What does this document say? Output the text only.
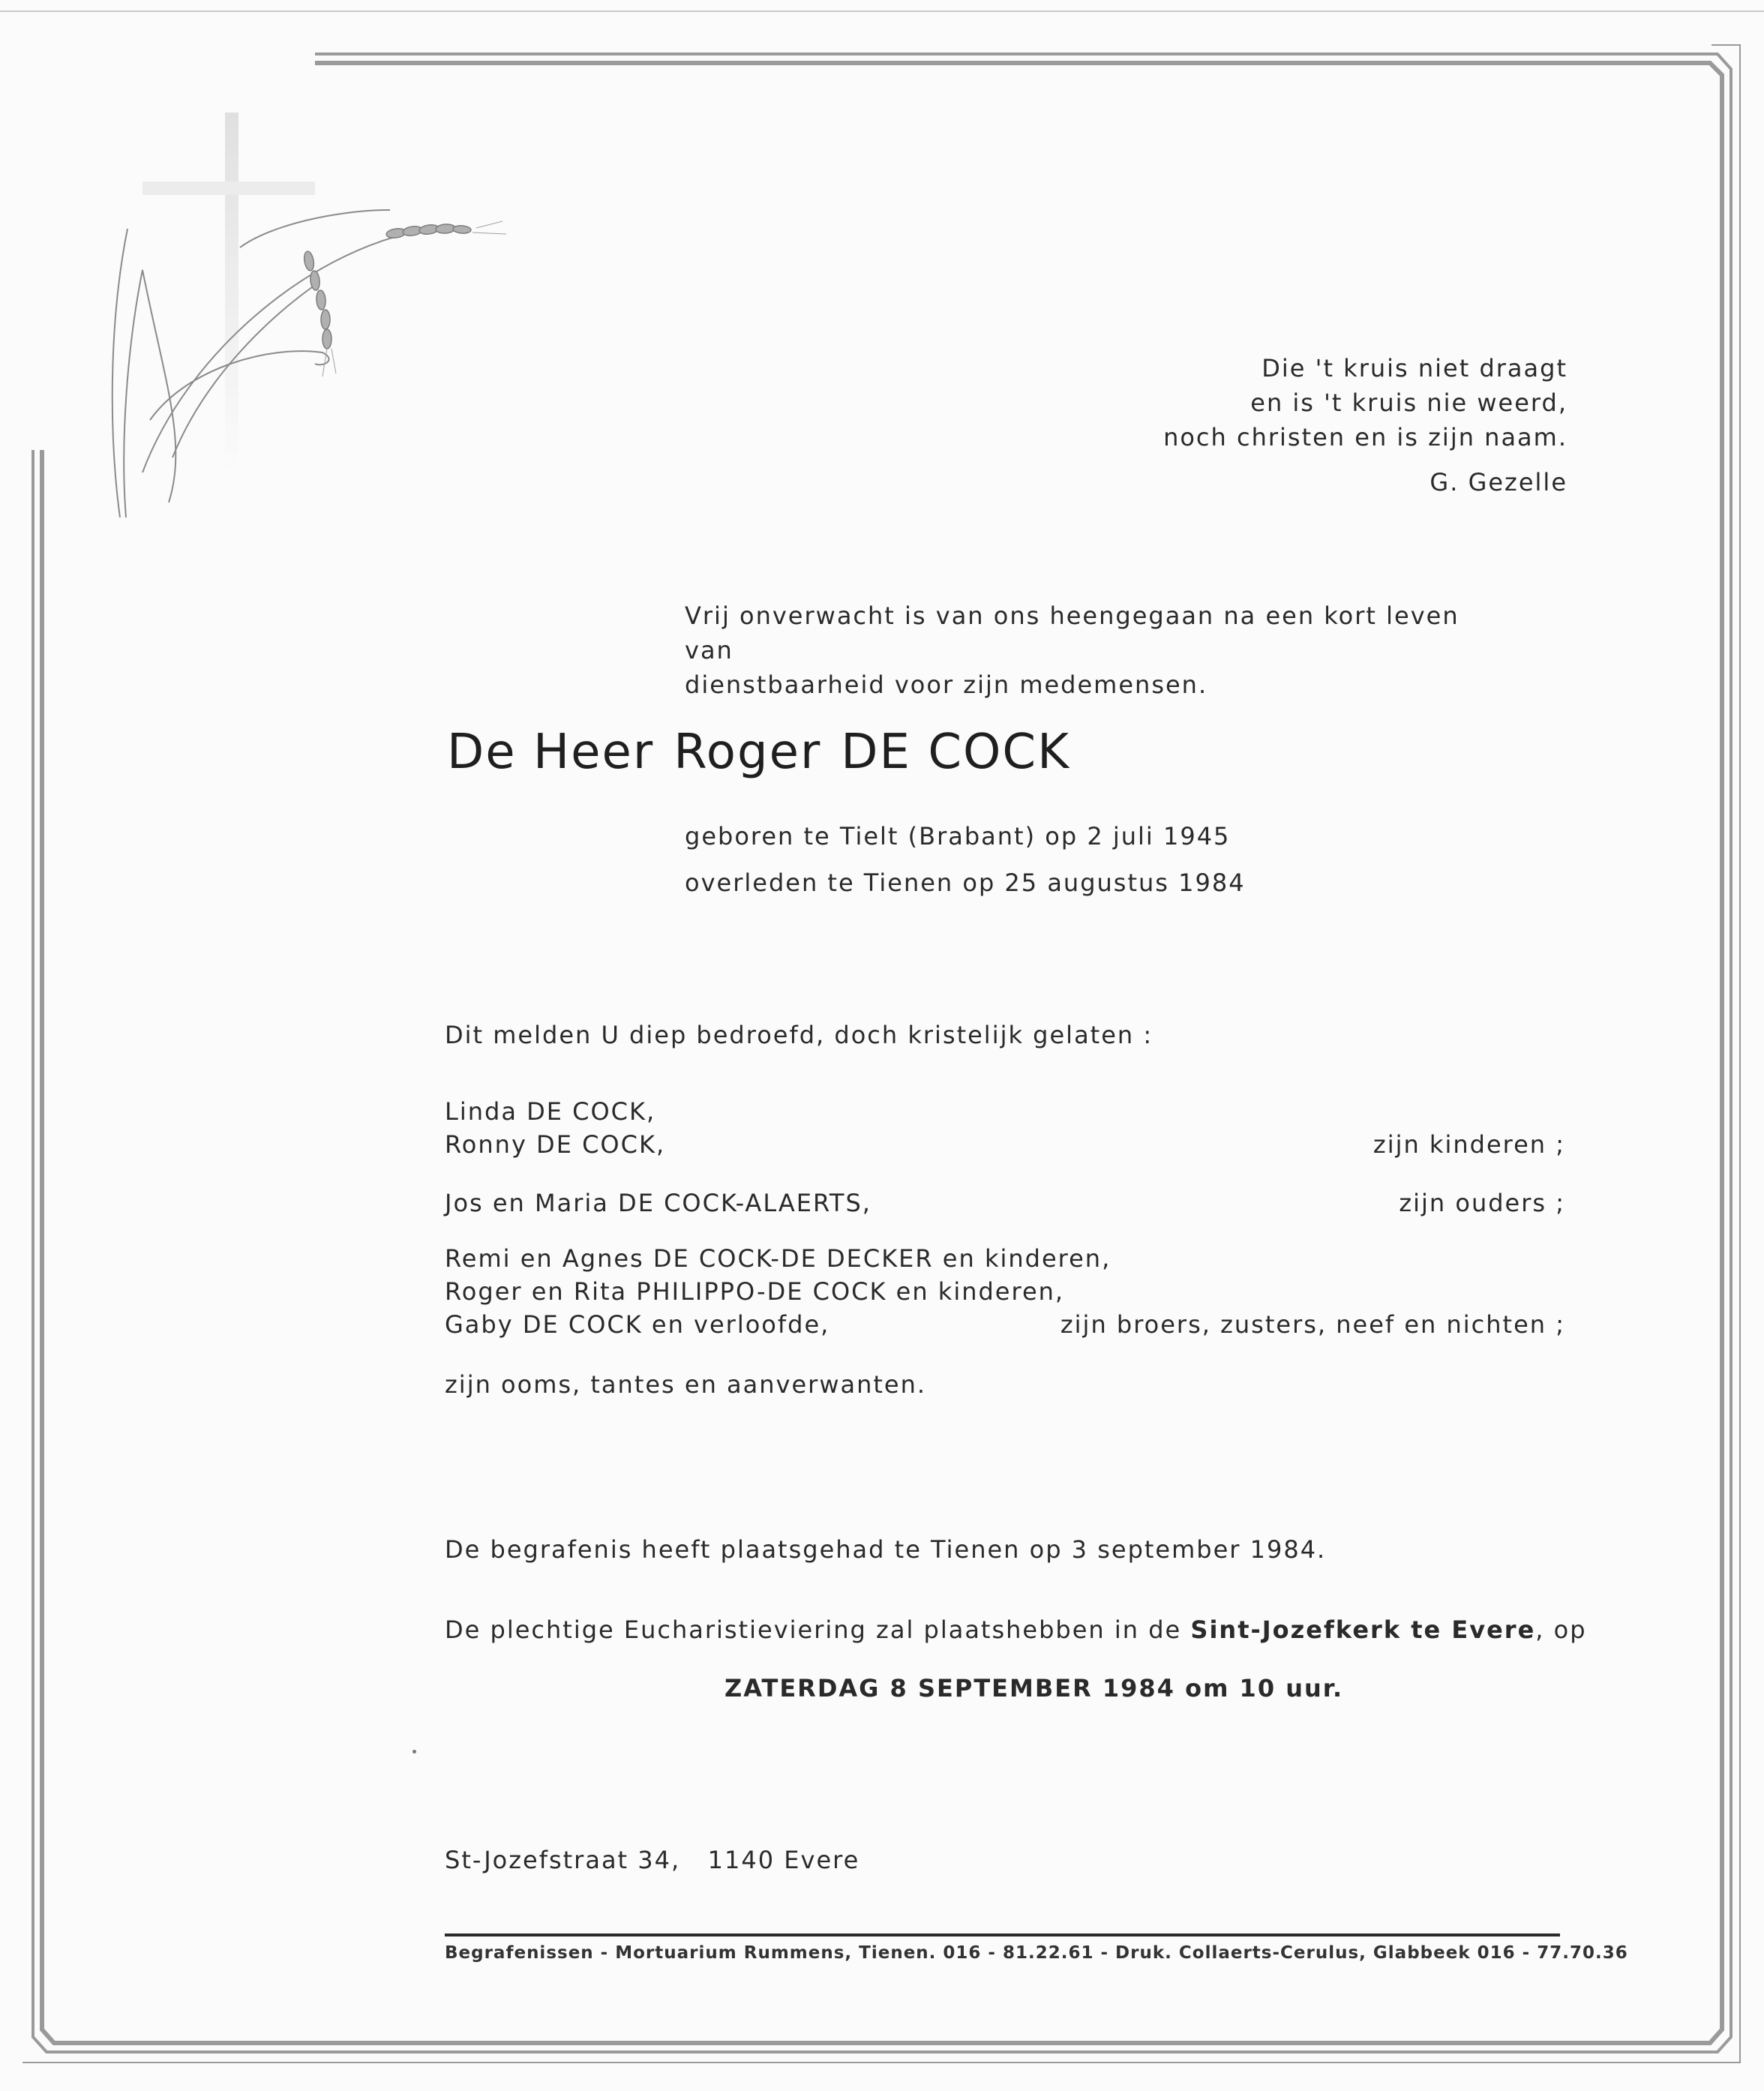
Die 't kruis niet draagt
en is 't kruis nie weerd,
noch christen en is zijn naam.
G. Gezelle
Vrij onverwacht is van ons heengegaan na een kort leven van
dienstbaarheid voor zijn medemensen.
De Heer Roger DE COCK
geboren te Tielt (Brabant) op 2 juli 1945
overleden te Tienen op 25 augustus 1984
Dit melden U diep bedroefd, doch kristelijk gelaten :
Linda DE COCK,
Ronny DE COCK,	zijn kinderen ;
Jos en Maria DE COCK-ALAERTS,	zijn ouders ;
Remi en Agnes DE COCK-DE DECKER en kinderen,
Roger en Rita PHILIPPO-DE COCK en kinderen,
Gaby DE COCK en verloofde,	zijn broers, zusters, neef en nichten ;
zijn ooms, tantes en aanverwanten.
De begrafenis heeft plaatsgehad te Tienen op 3 september 1984.
De plechtige Eucharistieviering zal plaatshebben in de Sint-Jozefkerk te Evere, op
ZATERDAG 8 SEPTEMBER 1984 om 10 uur.
St-Jozefstraat 34,   1140 Evere
Begrafenissen - Mortuarium Rummens, Tienen. 016 - 81.22.61 - Druk. Collaerts-Cerulus, Glabbeek 016 - 77.70.36
